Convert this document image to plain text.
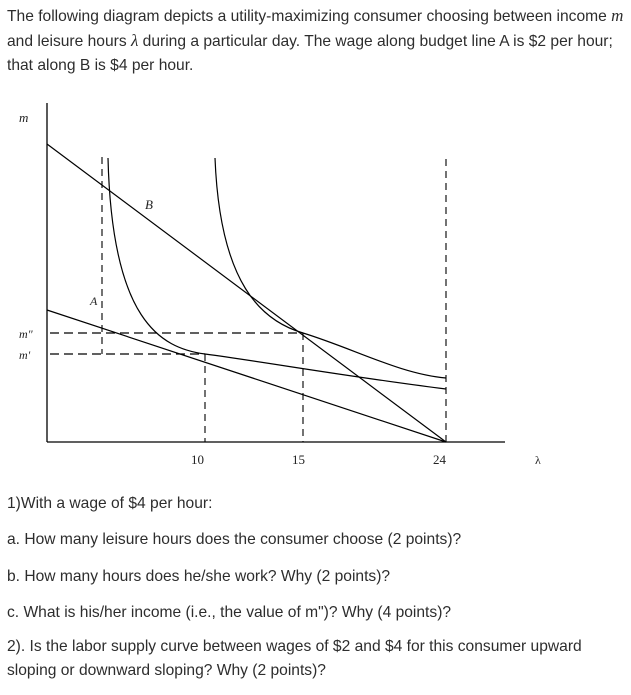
The following diagram depicts a utility-maximizing consumer choosing between income m and leisure hours λ during a particular day. The wage along budget line A is $2 per hour; that along B is $4 per hour.

m
λ
m"
m'
10	15	24
A
B

1)With a wage of $4 per hour:

a. How many leisure hours does the consumer choose (2 points)?

b. How many hours does he/she work? Why (2 points)?

c. What is his/her income (i.e., the value of m")? Why (4 points)?

2). Is the labor supply curve between wages of $2 and $4 for this consumer upward sloping or downward sloping? Why (2 points)?
